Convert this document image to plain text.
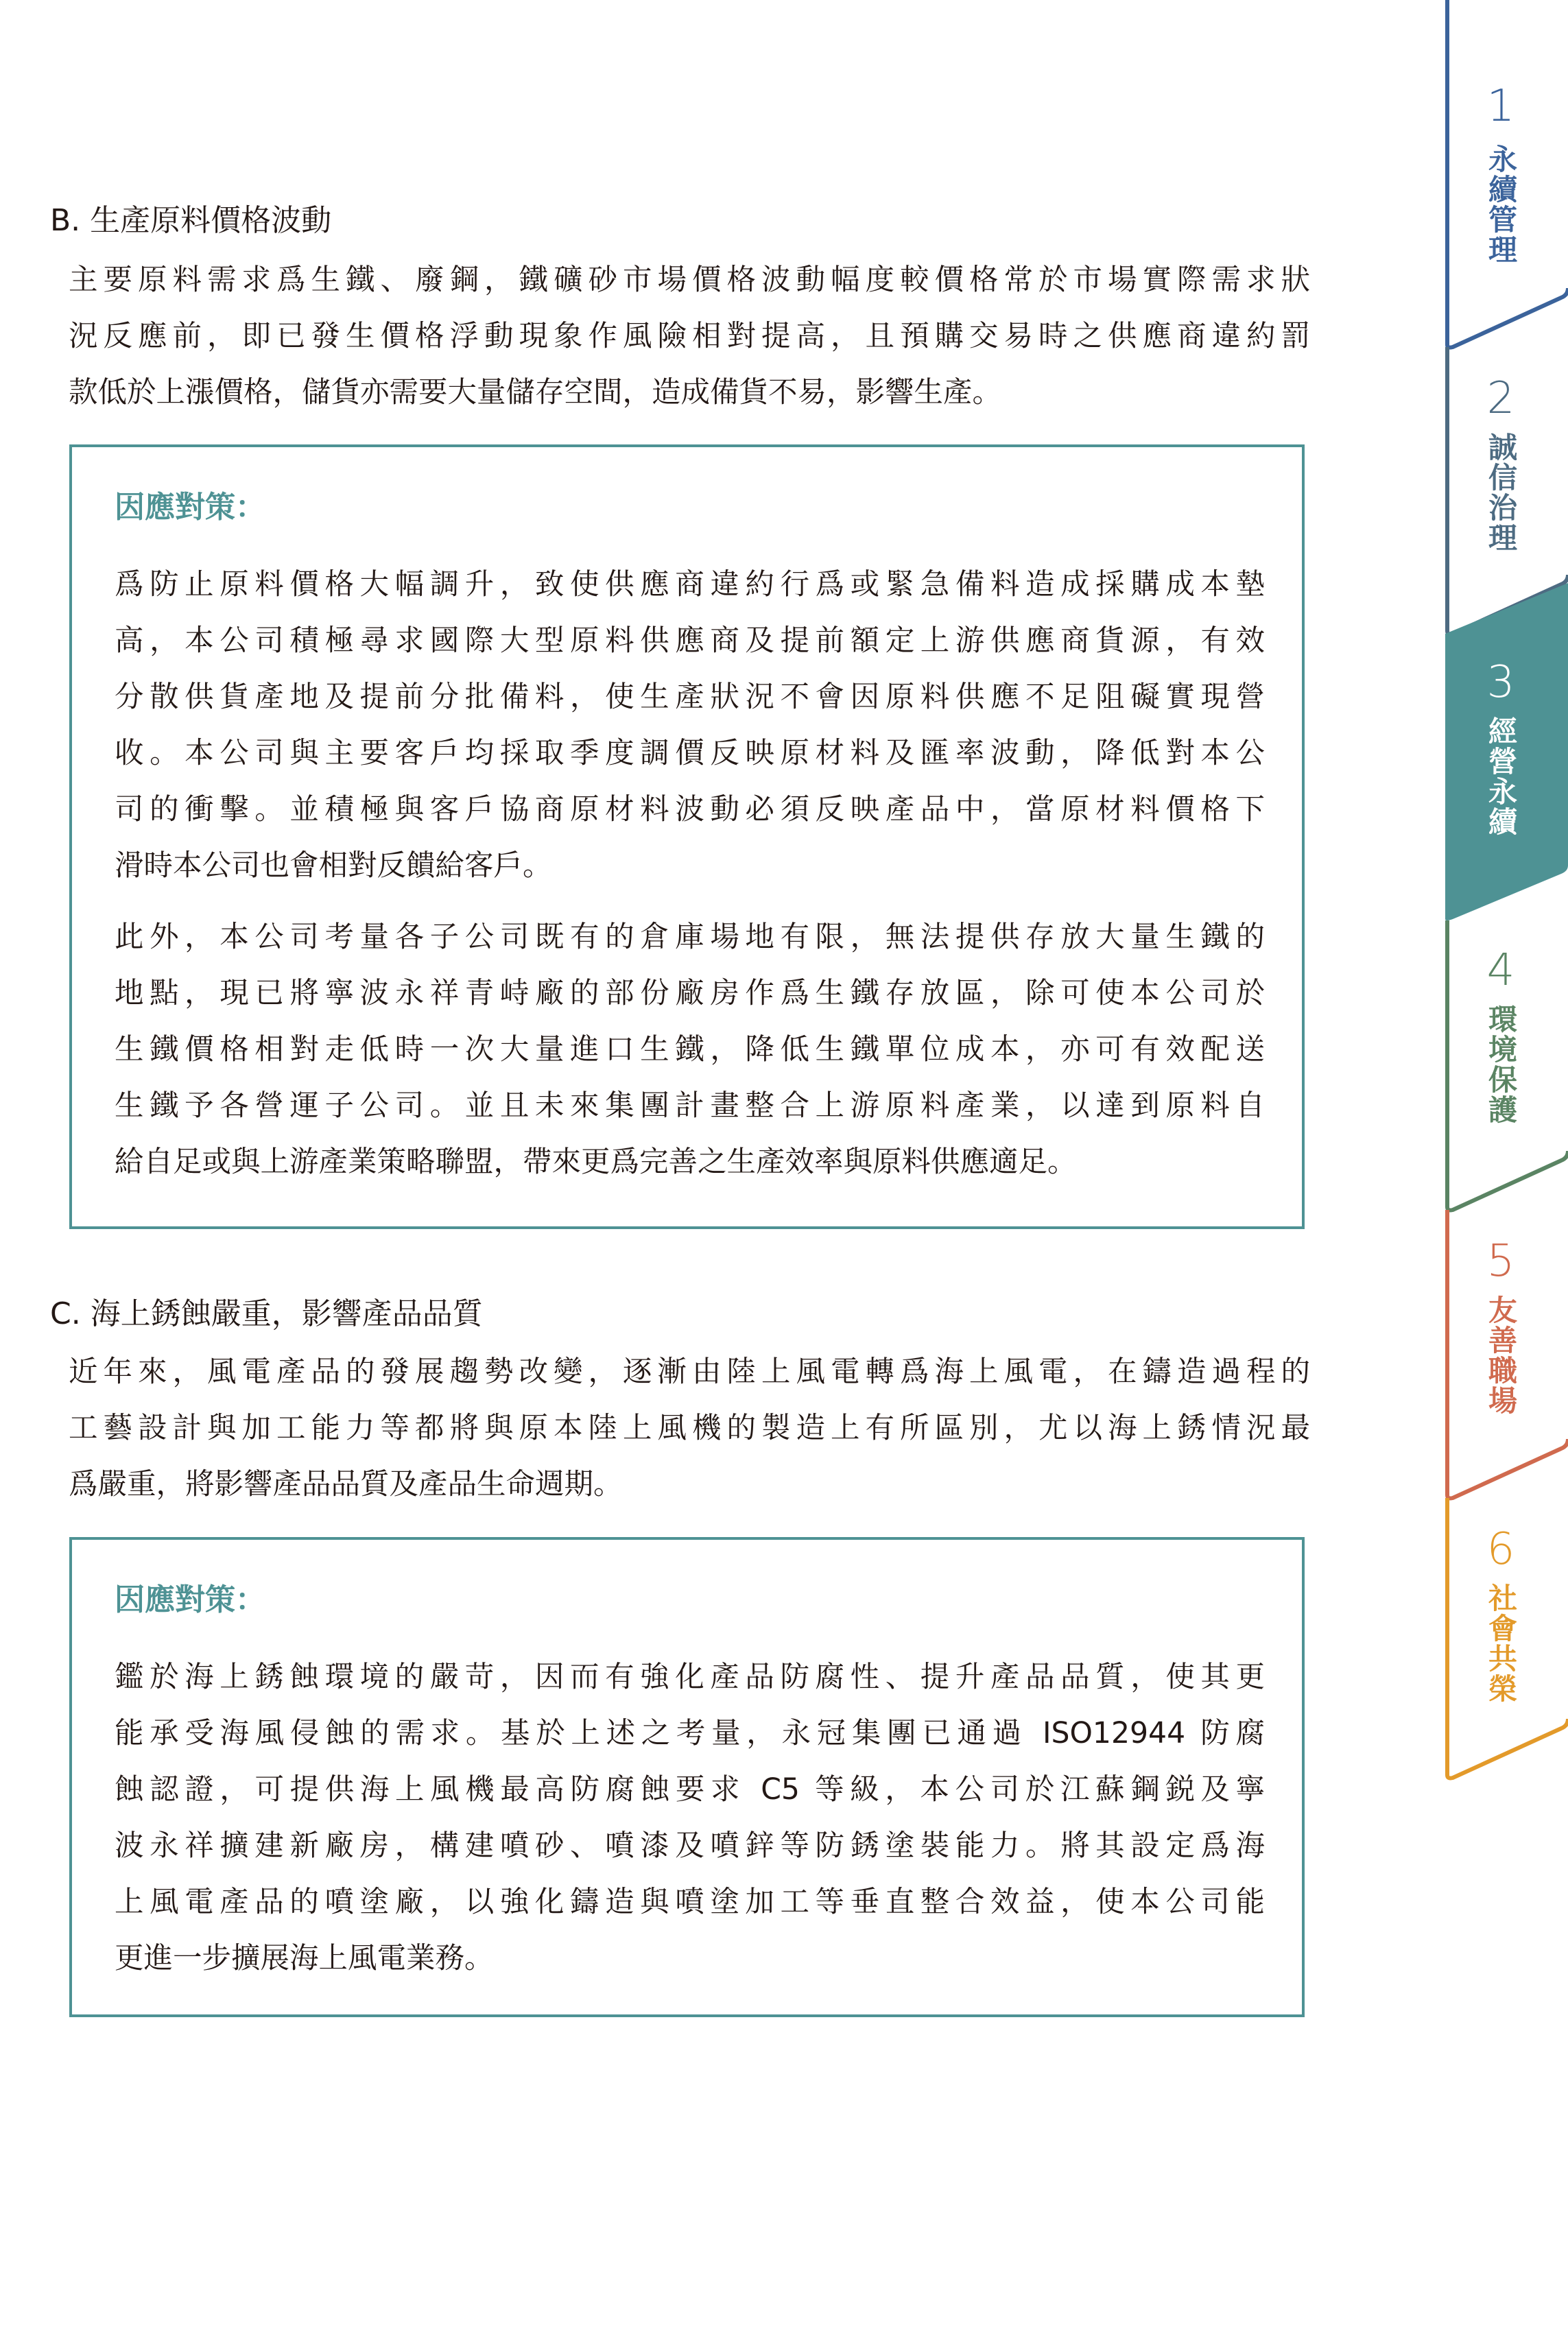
B. 生產原料價格波動
主要原料需求爲生鐵、廢鋼，鐵礦砂市場價格波動幅度較價格常於市場實際需求狀
況反應前，即已發生價格浮動現象作風險相對提高，且預購交易時之供應商違約罰
款低於上漲價格，儲貨亦需要大量儲存空間，造成備貨不易，影響生產。
因應對策：
爲防止原料價格大幅調升，致使供應商違約行爲或緊急備料造成採購成本墊
高，本公司積極尋求國際大型原料供應商及提前額定上游供應商貨源，有效
分散供貨產地及提前分批備料，使生產狀況不會因原料供應不足阻礙實現營
收。本公司與主要客戶均採取季度調價反映原材料及匯率波動，降低對本公
司的衝擊。並積極與客戶協商原材料波動必須反映產品中，當原材料價格下
滑時本公司也會相對反饋給客戶。
此外，本公司考量各子公司既有的倉庫場地有限，無法提供存放大量生鐵的
地點，現已將寧波永祥青峙廠的部份廠房作爲生鐵存放區，除可使本公司於
生鐵價格相對走低時一次大量進口生鐵，降低生鐵單位成本，亦可有效配送
生鐵予各營運子公司。並且未來集團計畫整合上游原料產業，以達到原料自
給自足或與上游產業策略聯盟，帶來更爲完善之生產效率與原料供應適足。
C. 海上銹蝕嚴重，影響產品品質
近年來，風電產品的發展趨勢改變，逐漸由陸上風電轉爲海上風電，在鑄造過程的
工藝設計與加工能力等都將與原本陸上風機的製造上有所區別，尤以海上銹情況最
爲嚴重，將影響產品品質及產品生命週期。
因應對策：
鑑於海上銹蝕環境的嚴苛，因而有強化產品防腐性、提升產品品質，使其更
能承受海風侵蝕的需求。基於上述之考量，永冠集團已通過 ISO12944 防腐
蝕認證，可提供海上風機最高防腐蝕要求 C5 等級，本公司於江蘇鋼鋭及寧
波永祥擴建新廠房，構建噴砂、噴漆及噴鋅等防銹塗裝能力。將其設定爲海
上風電產品的噴塗廠，以強化鑄造與噴塗加工等垂直整合效益，使本公司能
更進一步擴展海上風電業務。
1
永續管理
2
誠信治理
3
經營永續
4
環境保護
5
友善職場
6
社會共榮
